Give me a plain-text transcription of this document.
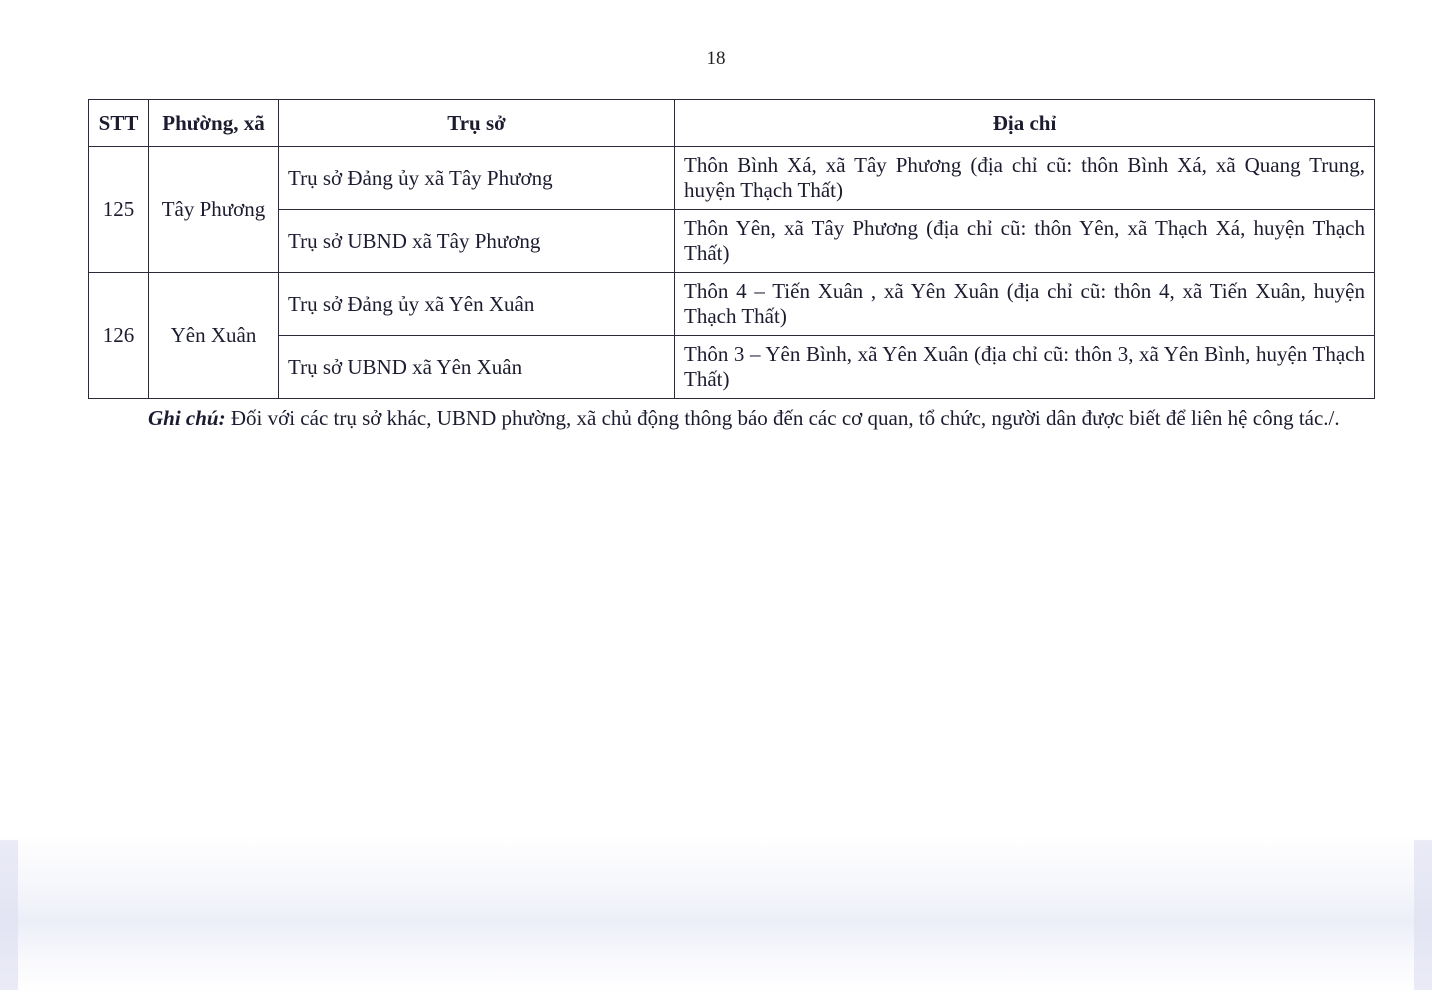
18
STT	Phường, xã	Trụ sở	Địa chỉ
125	Tây Phương	Trụ sở Đảng ủy xã Tây Phương	Thôn Bình Xá, xã Tây Phương (địa chỉ cũ: thôn Bình Xá, xã Quang Trung, huyện Thạch Thất)
		Trụ sở UBND xã Tây Phương	Thôn Yên, xã Tây Phương (địa chỉ cũ: thôn Yên, xã Thạch Xá, huyện Thạch Thất)
126	Yên Xuân	Trụ sở Đảng ủy xã Yên Xuân	Thôn 4 – Tiến Xuân , xã Yên Xuân (địa chỉ cũ: thôn 4, xã Tiến Xuân, huyện Thạch Thất)
		Trụ sở UBND xã Yên Xuân	Thôn 3 – Yên Bình, xã Yên Xuân (địa chỉ cũ: thôn 3, xã Yên Bình, huyện Thạch Thất)
Ghi chú: Đối với các trụ sở khác, UBND phường, xã chủ động thông báo đến các cơ quan, tổ chức, người dân được biết để liên hệ công tác./.
